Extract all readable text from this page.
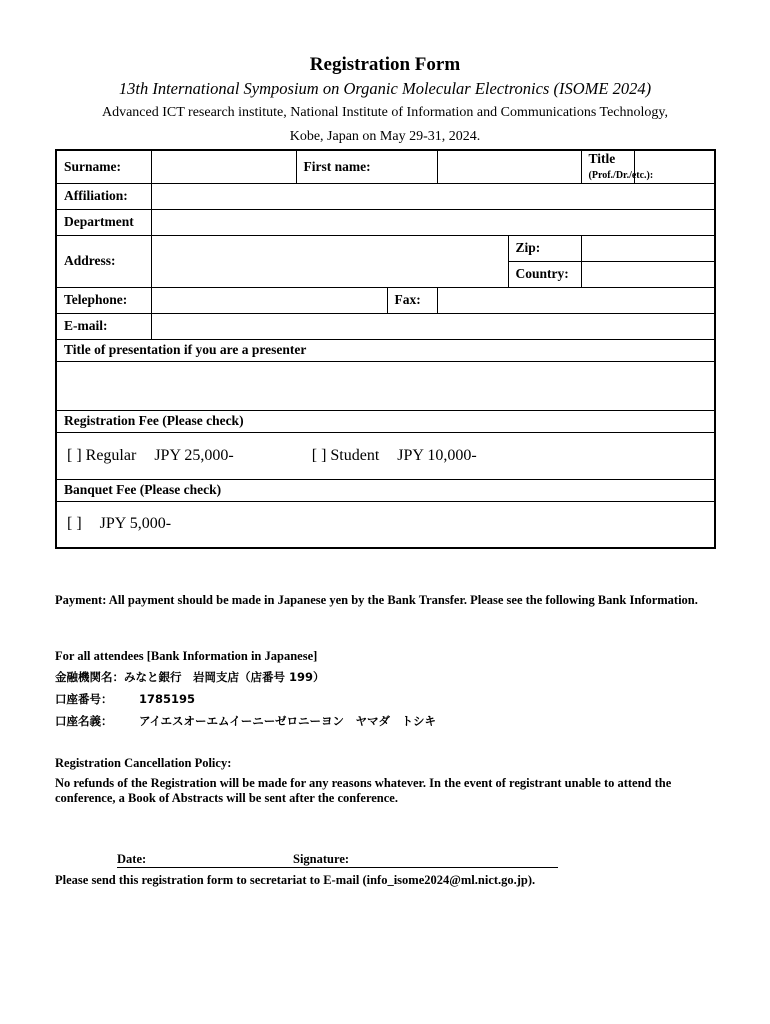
Registration Form
13th International Symposium on Organic Molecular Electronics (ISOME 2024)
Advanced ICT research institute, National Institute of Information and Communications Technology,
Kobe, Japan on May 29-31, 2024.
Surname:		First name:				Title
(Prof./Dr./etc.):	
Affiliation:							
Department							
Address:					Zip:		
					Country:		
Telephone:			Fax:				
E-mail:							
Title of presentation if you are a presenter							

Registration Fee (Please check)							
[ ] Regular JPY 25,000- [ ] Student JPY 10,000-							
Banquet Fee (Please check)							
[ ] JPY 5,000-							
Payment: All payment should be made in Japanese yen by the Bank Transfer. Please see the following Bank Information.
For all attendees [Bank Information in Japanese]
金融機関名：みなと銀行　岩岡支店（店番号 199）
口座番号： 1785195
口座名義： アイエスオーエムイーニーゼロニーヨン　ヤマダ　トシキ
Registration Cancellation Policy:
No refunds of the Registration will be made for any reasons whatever. In the event of registrant unable to attend the conference, a Book of Abstracts will be sent after the conference.
Date:	Signature:
Please send this registration form to secretariat to E-mail (info_isome2024@ml.nict.go.jp).
